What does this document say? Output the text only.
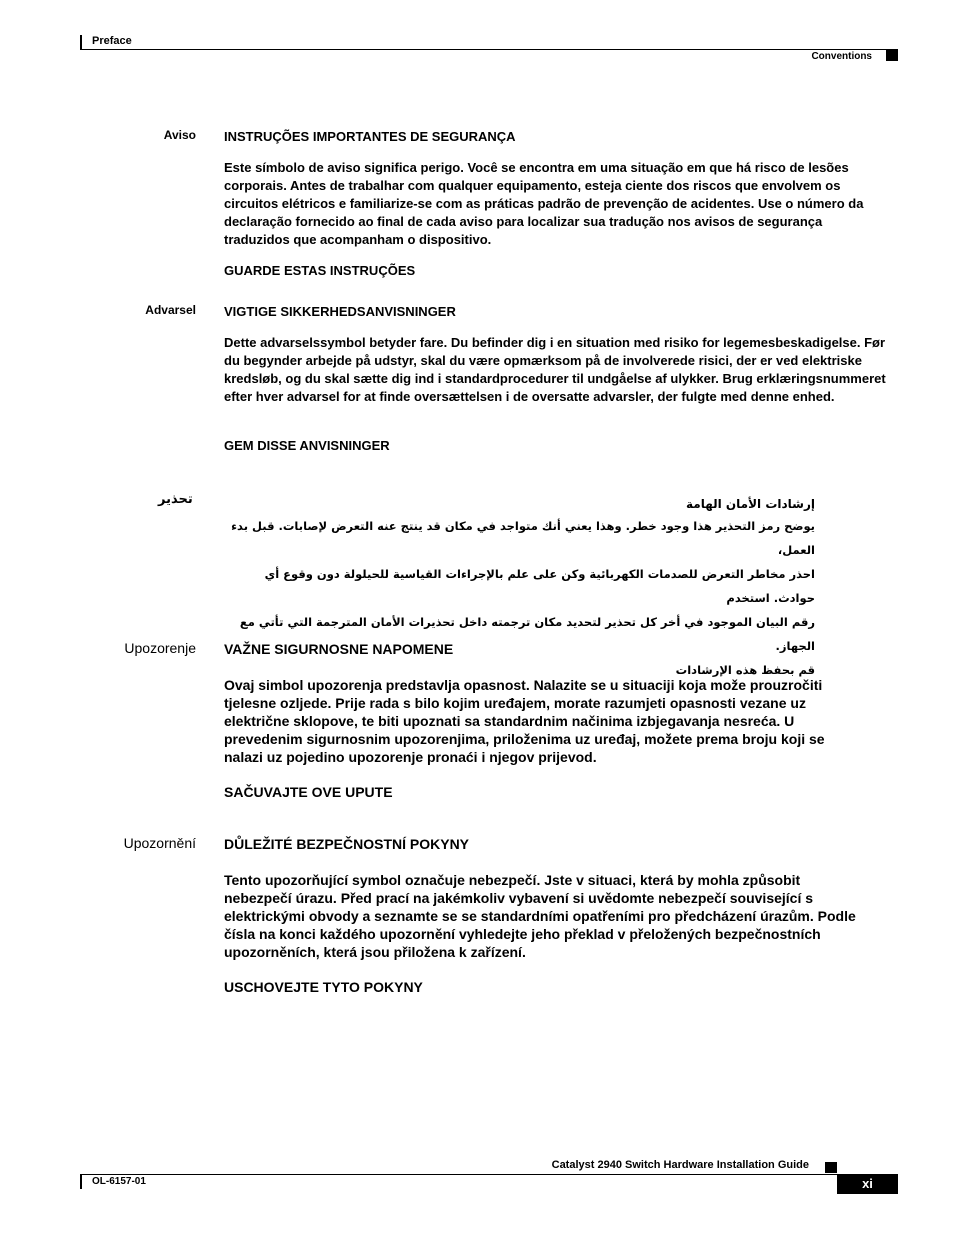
Preface
Conventions
Aviso INSTRUÇÕES IMPORTANTES DE SEGURANÇA

Este símbolo de aviso significa perigo. Você se encontra em uma situação em que há risco de lesões corporais. Antes de trabalhar com qualquer equipamento, esteja ciente dos riscos que envolvem os circuitos elétricos e familiarize-se com as práticas padrão de prevenção de acidentes. Use o número da declaração fornecido ao final de cada aviso para localizar sua tradução nos avisos de segurança traduzidos que acompanham o dispositivo.

GUARDE ESTAS INSTRUÇÕES

Advarsel VIGTIGE SIKKERHEDSANVISNINGER

Dette advarselssymbol betyder fare. Du befinder dig i en situation med risiko for legemesbeskadigelse. Før du begynder arbejde på udstyr, skal du være opmærksom på de involverede risici, der er ved elektriske kredsløb, og du skal sætte dig ind i standardprocedurer til undgåelse af ulykker. Brug erklæringsnummeret efter hver advarsel for at finde oversættelsen i de oversatte advarsler, der fulgte med denne enhed.

GEM DISSE ANVISNINGER

تحذير	إرشادات الأمان الهامة

يوضح رمز التحذير هذا وجود خطر. وهذا يعني أنك متواجد في مكان قد ينتج عنه التعرض لإصابات. قبل بدء العمل،

احذر مخاطر التعرض للصدمات الكهربائية وكن على علم بالإجراءات القياسية للحيلولة دون وقوع أي حوادث. استخدم

رقم البيان الموجود في أخر كل تحذير لتحديد مكان ترجمته داخل تحذيرات الأمان المترجمة التي تأتي مع الجهاز.

قم بحفظ هذه الإرشادات

Upozorenje VAŽNE SIGURNOSNE NAPOMENE

Ovaj simbol upozorenja predstavlja opasnost. Nalazite se u situaciji koja može prouzročiti tjelesne ozljede. Prije rada s bilo kojim uređajem, morate razumjeti opasnosti vezane uz električne sklopove, te biti upoznati sa standardnim načinima izbjegavanja nesreća. U prevedenim sigurnosnim upozorenjima, priloženima uz uređaj, možete prema broju koji se nalazi uz pojedino upozorenje pronaći i njegov prijevod.

SAČUVAJTE OVE UPUTE

Upozornění DŮLEŽITÉ BEZPEČNOSTNÍ POKYNY

Tento upozorňující symbol označuje nebezpečí. Jste v situaci, která by mohla způsobit nebezpečí úrazu. Před prací na jakémkoliv vybavení si uvědomte nebezpečí související s elektrickými obvody a seznamte se se standardními opatřeními pro předcházení úrazům. Podle čísla na konci každého upozornění vyhledejte jeho překlad v přeložených bezpečnostních upozorněních, která jsou přiložena k zařízení.

USCHOVEJTE TYTO POKYNY

Catalyst 2940 Switch Hardware Installation Guide
OL-6157-01	xi
